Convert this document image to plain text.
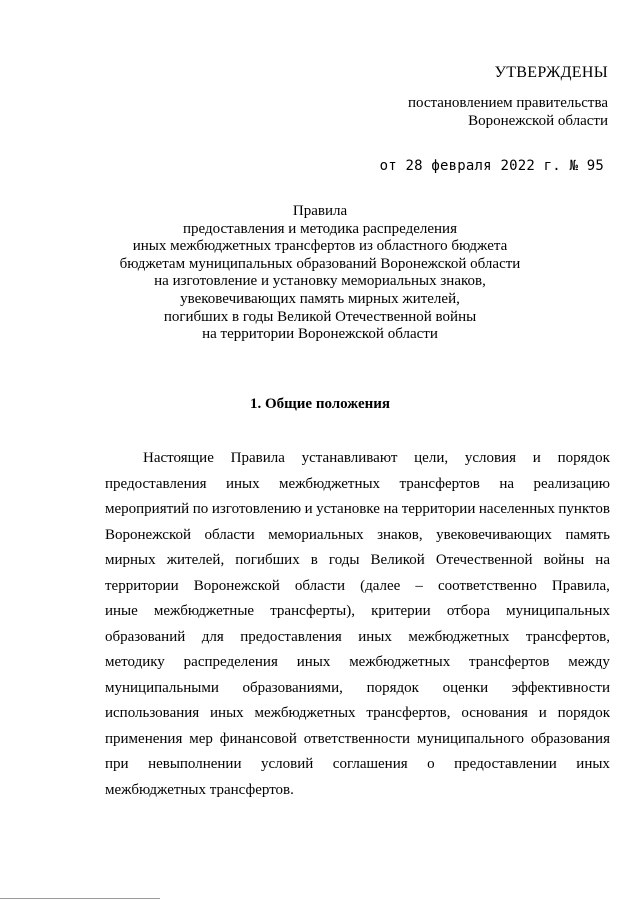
УТВЕРЖДЕНЫ
постановлением правительства
Воронежской области
от 28 февраля 2022 г. № 95
Правила
предоставления и методика распределения
иных межбюджетных трансфертов из областного бюджета
бюджетам муниципальных образований Воронежской области
на изготовление и установку мемориальных знаков,
увековечивающих память мирных жителей,
погибших в годы Великой Отечественной войны
на территории Воронежской области
1. Общие положения
Настоящие Правила устанавливают цели, условия и порядок
предоставления иных межбюджетных трансфертов на реализацию
мероприятий по изготовлению и установке на территории населенных пунктов
Воронежской области мемориальных знаков, увековечивающих память
мирных жителей, погибших в годы Великой Отечественной войны на
территории Воронежской области (далее – соответственно Правила,
иные межбюджетные трансферты), критерии отбора муниципальных
образований для предоставления иных межбюджетных трансфертов,
методику распределения иных межбюджетных трансфертов между
муниципальными образованиями, порядок оценки эффективности
использования иных межбюджетных трансфертов, основания и порядок
применения мер финансовой ответственности муниципального образования
при невыполнении условий соглашения о предоставлении иных
межбюджетных трансфертов.
